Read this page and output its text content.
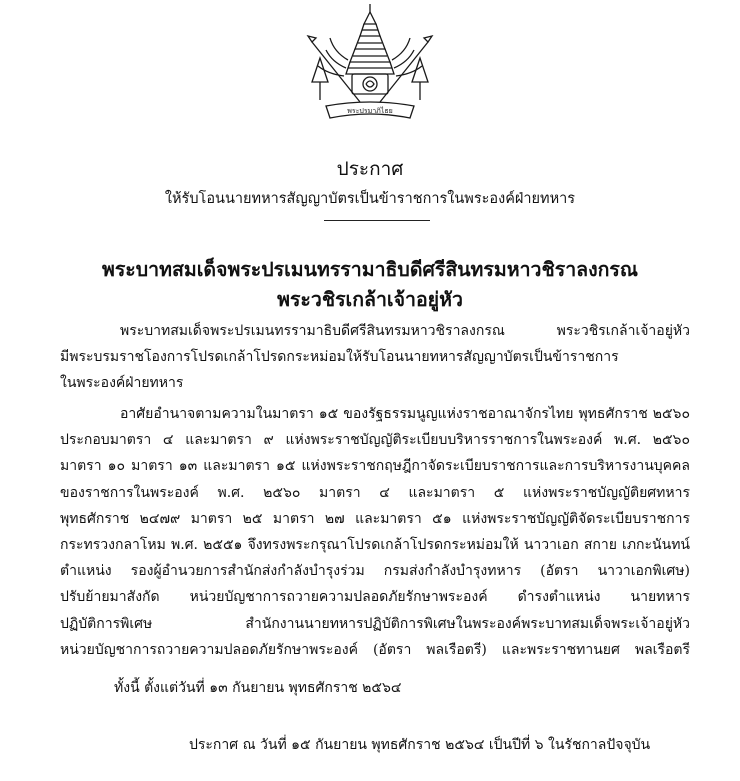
พระปรมาภิไธย
ประกาศ
ให้รับโอนนายทหารสัญญาบัตรเป็นข้าราชการในพระองค์ฝ่ายทหาร
พระบาทสมเด็จพระปรเมนทรรามาธิบดีศรีสินทรมหาวชิราลงกรณ
พระวชิรเกล้าเจ้าอยู่หัว
พระบาทสมเด็จพระปรเมนทรรามาธิบดีศรีสินทรมหาวชิราลงกรณ พระวชิรเกล้าเจ้าอยู่หัว
มีพระบรมราชโองการโปรดเกล้าโปรดกระหม่อมให้รับโอนนายทหารสัญญาบัตรเป็นข้าราชการ
ในพระองค์ฝ่ายทหาร
อาศัยอำนาจตามความในมาตรา ๑๕ ของรัฐธรรมนูญแห่งราชอาณาจักรไทย พุทธศักราช ๒๕๖๐
ประกอบมาตรา ๔ และมาตรา ๙ แห่งพระราชบัญญัติระเบียบบริหารราชการในพระองค์ พ.ศ. ๒๕๖๐
มาตรา ๑๐ มาตรา ๑๓ และมาตรา ๑๕ แห่งพระราชกฤษฎีกาจัดระเบียบราชการและการบริหารงานบุคคล
ของราชการในพระองค์ พ.ศ. ๒๕๖๐ มาตรา ๔ และมาตรา ๕ แห่งพระราชบัญญัติยศทหาร
พุทธศักราช ๒๔๗๙ มาตรา ๒๕ มาตรา ๒๗ และมาตรา ๕๑ แห่งพระราชบัญญัติจัดระเบียบราชการ
กระทรวงกลาโหม พ.ศ. ๒๕๕๑ จึงทรงพระกรุณาโปรดเกล้าโปรดกระหม่อมให้ นาวาเอก สกาย เภกะนันทน์
ตำแหน่ง รองผู้อำนวยการสำนักส่งกำลังบำรุงร่วม กรมส่งกำลังบำรุงทหาร (อัตรา นาวาเอกพิเศษ)
ปรับย้ายมาสังกัด หน่วยบัญชาการถวายความปลอดภัยรักษาพระองค์ ดำรงตำแหน่ง นายทหาร
ปฏิบัติการพิเศษ สำนักงานนายทหารปฏิบัติการพิเศษในพระองค์พระบาทสมเด็จพระเจ้าอยู่หัว
หน่วยบัญชาการถวายความปลอดภัยรักษาพระองค์ (อัตรา พลเรือตรี) และพระราชทานยศ พลเรือตรี
ทั้งนี้ ตั้งแต่วันที่ ๑๓ กันยายน พุทธศักราช ๒๕๖๔
ประกาศ ณ วันที่ ๑๕ กันยายน พุทธศักราช ๒๕๖๔ เป็นปีที่ ๖ ในรัชกาลปัจจุบัน
